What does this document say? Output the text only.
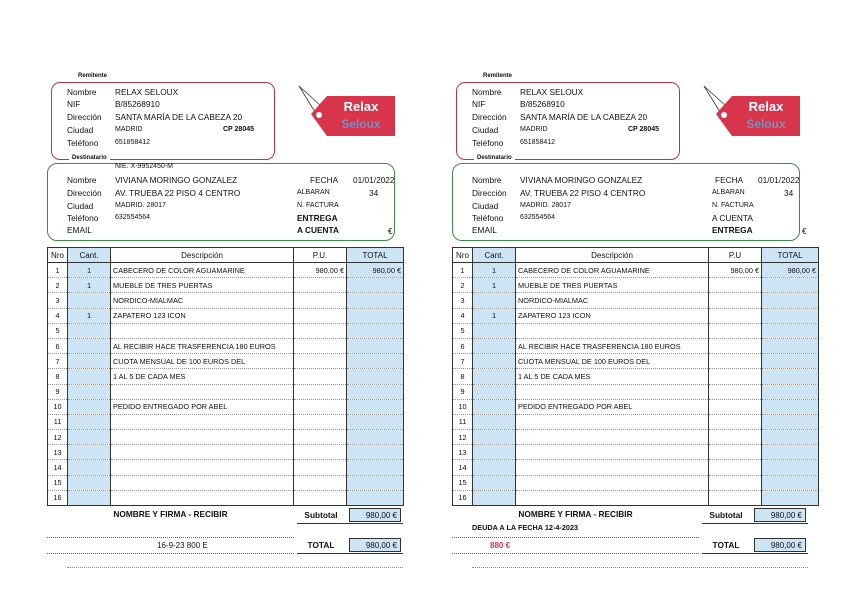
Remitente
Nombre RELAX SELOUX
NIF	B/85268910
Dirección SANTA MARÍA DE LA CABEZA 20
Ciudad	MADRID	CP 28045
Teléfono 651858412
Relax
Seloux
Destinatario
NIE. X-9952450-M
Nombre VIVIANA MORINGO GONZALEZ
Dirección AV. TRUEBA 22 PISO 4 CENTRO
Ciudad	MADRID. 28017
Teléfono 632554564
EMAIL
FECHA 01/01/2022
ALBARAN	34
N. FACTURA
ENTREGA
A CUENTA	€
Nro	Cant.	Descripción	P.U.	TOTAL
1	1	CABECERO DE COLOR AGUAMARINE	980,00 €	980,00 €
2	1	MUEBLE DE TRES PUERTAS		
3		NORDICO-MIALMAC		
4	1	ZAPATERO 123 ICON		
5				
6		AL RECIBIR HACE TRASFERENCIA 180 EUROS		
7		CUOTA MENSUAL DE 100 EUROS DEL		
8		1 AL 5 DE CADA MES		
9				
10		PEDIDO ENTREGADO POR ABEL		
11				
12				
13				
14				
15				
16				
NOMBRE Y FIRMA - RECIBIR	Subtotal	980,00 €
16-9-23 800 E	TOTAL	980,00 €
Remitente
Nombre RELAX SELOUX
NIF	B/85268910
Dirección SANTA MARÍA DE LA CABEZA 20
Ciudad	MADRID	CP 28045
Teléfono 651858412
Relax
Seloux
Destinatario
Nombre VIVIANA MORINGO GONZALEZ
Dirección AV. TRUEBA 22 PISO 4 CENTRO
Ciudad	MADRID. 28017
Teléfono 632554564
EMAIL
FECHA 01/01/2022
ALBARAN	34
N. FACTURA
A CUENTA
ENTREGA	€
Nro	Cant.	Descripción	P.U	TOTAL
1	1	CABECERO DE COLOR AGUAMARINE	980,00 €	980,00 €
2	1	MUEBLE DE TRES PUERTAS		
3		NORDICO-MIALMAC		
4	1	ZAPATERO 123 ICON		
5				
6		AL RECIBIR HACE TRASFERENCIA 180 EUROS		
7		CUOTA MENSUAL DE 100 EUROS DEL		
8		1 AL 5 DE CADA MES		
9				
10		PEDIDO ENTREGADO POR ABEL		
11				
12				
13				
14				
15				
16				
NOMBRE Y FIRMA - RECIBIR
DEUDA A LA FECHA 12-4-2023
Subtotal	980,00 €
880 €	TOTAL	980,00 €
